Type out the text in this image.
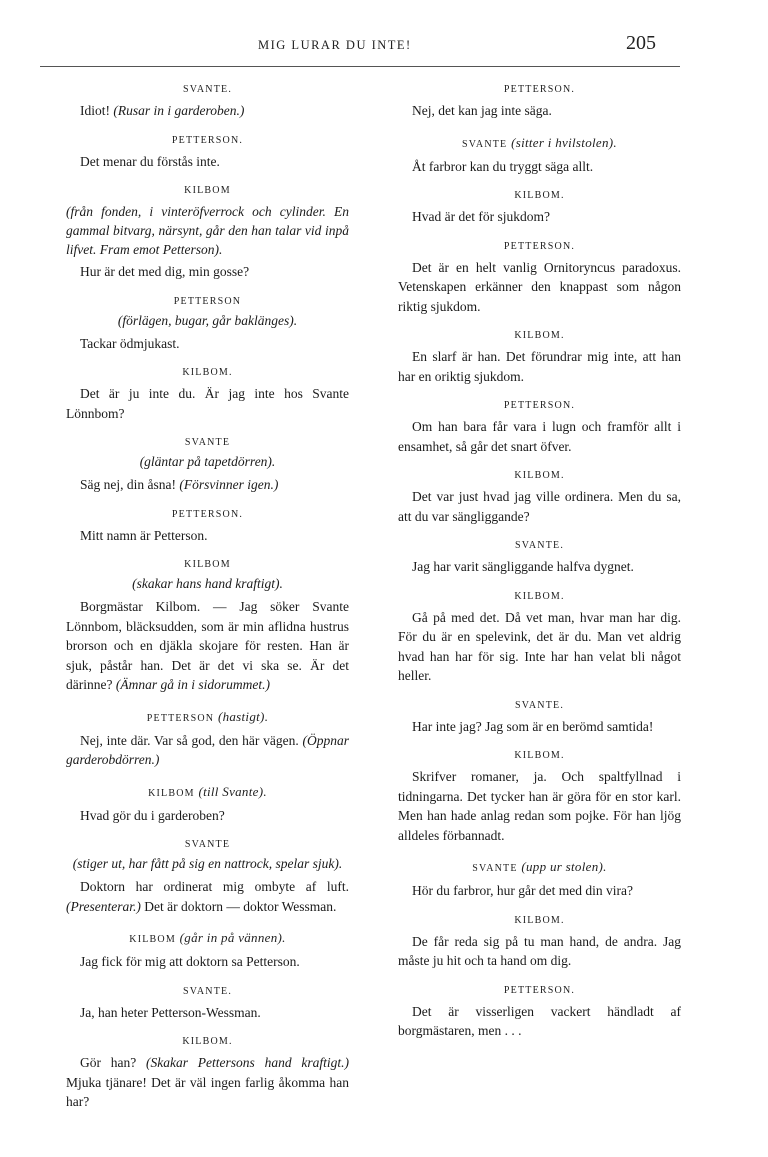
MIG LURAR DU INTE!	205
SVANTE.

Idiot! (Rusar in i garderoben.)

PETTERSON.

Det menar du förstås inte.

KILBOM
(från fonden, i vinteröfverrock och cylinder. En gammal bitvarg, närsynt, går den han talar vid inpå lifvet. Fram emot Petterson).

Hur är det med dig, min gosse?

PETTERSON
(förlägen, bugar, går baklänges).

Tackar ödmjukast.

KILBOM.

Det är ju inte du. Är jag inte hos Svante Lönnbom?

SVANTE
(gläntar på tapetdörren).

Säg nej, din åsna! (Försvinner igen.)

PETTERSON.

Mitt namn är Petterson.

KILBOM
(skakar hans hand kraftigt).

Borgmästar Kilbom. — Jag söker Svante Lönnbom, bläcksudden, som är min aflidna hustrus brorson och en djäkla skojare för resten. Han är sjuk, påstår han. Det är det vi ska se. Är det därinne? (Ämnar gå in i sidorummet.)

PETTERSON (hastigt).

Nej, inte där. Var så god, den här vägen. (Öppnar garderobdörren.)

KILBOM (till Svante).

Hvad gör du i garderoben?

SVANTE
(stiger ut, har fått på sig en nattrock, spelar sjuk).

Doktorn har ordinerat mig ombyte af luft. (Presenterar.) Det är doktorn — doktor Wessman.

KILBOM (går in på vännen).

Jag fick för mig att doktorn sa Petterson.

SVANTE.

Ja, han heter Petterson-Wessman.

KILBOM.

Gör han? (Skakar Pettersons hand kraftigt.) Mjuka tjänare! Det är väl ingen farlig åkomma han har?

PETTERSON.

Nej, det kan jag inte säga.

SVANTE (sitter i hvilstolen).

Åt farbror kan du tryggt säga allt.

KILBOM.

Hvad är det för sjukdom?

PETTERSON.

Det är en helt vanlig Ornitoryncus paradoxus. Vetenskapen erkänner den knappast som någon riktig sjukdom.

KILBOM.

En slarf är han. Det förundrar mig inte, att han har en oriktig sjukdom.

PETTERSON.

Om han bara får vara i lugn och framför allt i ensamhet, så går det snart öfver.

KILBOM.

Det var just hvad jag ville ordinera. Men du sa, att du var sängliggande?

SVANTE.

Jag har varit sängliggande halfva dygnet.

KILBOM.

Gå på med det. Då vet man, hvar man har dig. För du är en spelevink, det är du. Man vet aldrig hvad han har för sig. Inte har han velat bli något heller.

SVANTE.

Har inte jag? Jag som är en berömd samtida!

KILBOM.

Skrifver romaner, ja. Och spaltfyllnad i tidningarna. Det tycker han är göra för en stor karl. Men han hade anlag redan som pojke. För han ljög alldeles förbannadt.

SVANTE (upp ur stolen).

Hör du farbror, hur går det med din vira?

KILBOM.

De får reda sig på tu man hand, de andra. Jag måste ju hit och ta hand om dig.

PETTERSON.

Det är visserligen vackert händladt af borgmästaren, men . . .
